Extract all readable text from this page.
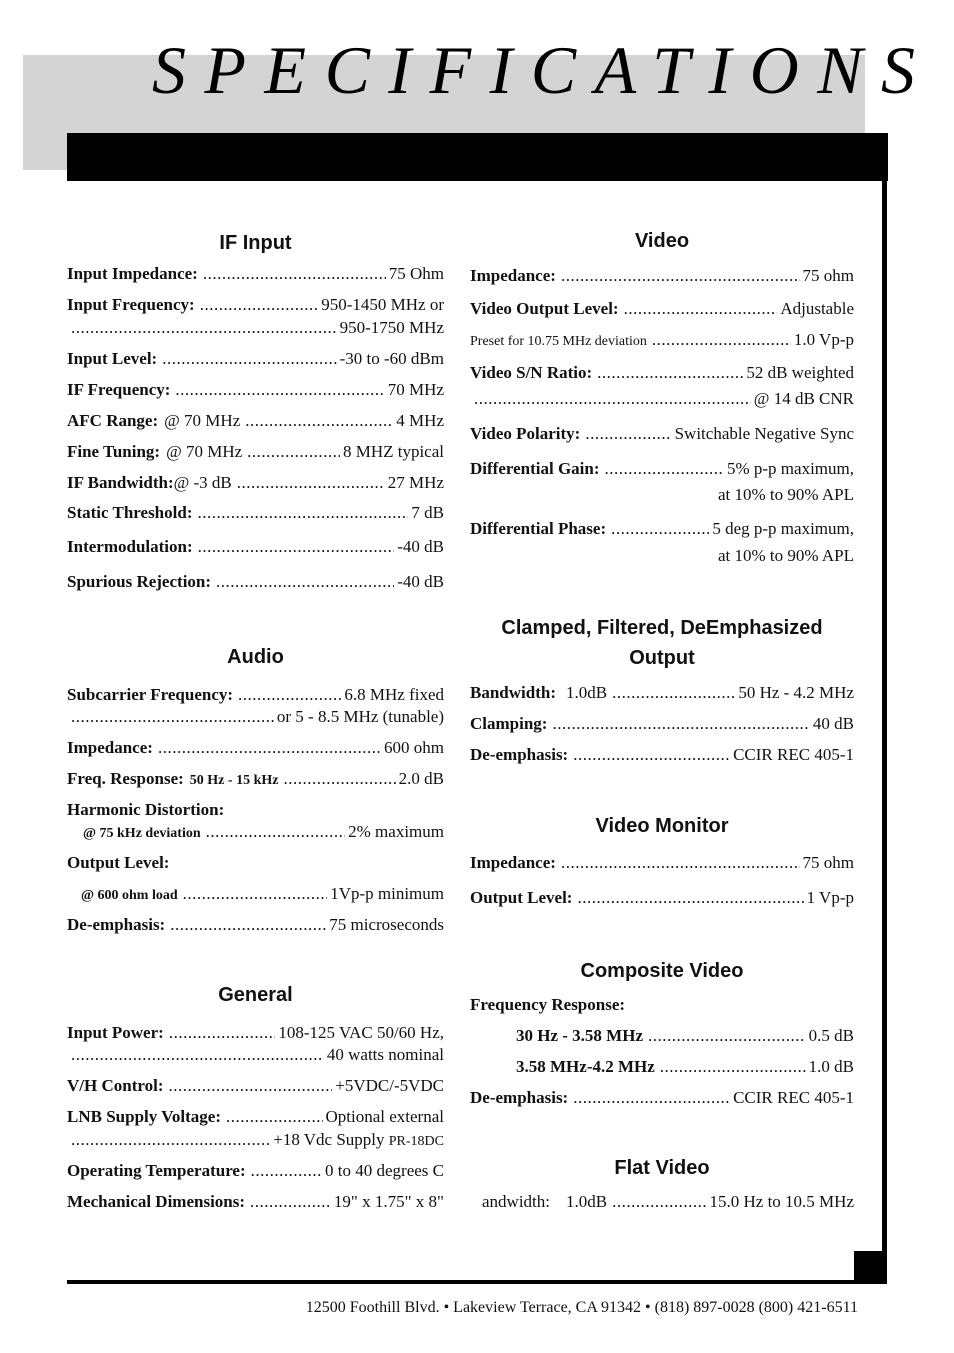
SPECIFICATIONS
IF Input
Input Impedance: .....	75 Ohm
Input Frequency: .....	950-1450 MHz or
.....
950-1750 MHz
Input Level: .....	-30 to -60 dBm
IF Frequency: .....	70 MHz
AFC Range: @ 70 MHz .....	4 MHz
Fine Tuning: @ 70 MHz .....	8 MHZ typical
IF Bandwidth: @ -3 dB .....	27 MHz
Static Threshold: .....	7 dB
Intermodulation: .....	-40 dB
Spurious Rejection: .....	-40 dB
Audio
Subcarrier Frequency: .....	6.8 MHz fixed
.....
or 5 - 8.5 MHz (tunable)
Impedance: .....	600 ohm
Freq. Response: 50 Hz - 15 kHz .....	2.0 dB
Harmonic Distortion:
@ 75 kHz deviation .....	2% maximum
Output Level:
@ 600 ohm load .....	1Vp-p minimum
De-emphasis: .....	75 microseconds
General
Input Power: .....	108-125 VAC 50/60 Hz,
.....
40 watts nominal
V/H Control: .....	+5VDC/-5VDC
LNB Supply Voltage: .....	Optional external
.....
+18 Vdc Supply PR-18DC
Operating Temperature: .....	0 to 40 degrees C
Mechanical Dimensions: .....	19" x 1.75" x 8"
Video
Impedance: .....	75 ohm
Video Output Level: .....	Adjustable
Preset for 10.75 MHz deviation .....	1.0 Vp-p
Video S/N Ratio: .....	52 dB weighted
.....
@ 14 dB CNR
Video Polarity: .....	Switchable Negative Sync
Differential Gain: .....	5% p-p maximum,
at 10% to 90% APL
Differential Phase: .....	5 deg p-p maximum,
at 10% to 90% APL
Clamped, Filtered, DeEmphasized
Output
Bandwidth: 1.0dB .....	50 Hz - 4.2 MHz
Clamping: .....	40 dB
De-emphasis: .....	CCIR REC 405-1
Video Monitor
Impedance: .....	75 ohm
Output Level: .....	1 Vp-p
Composite Video
Frequency Response:
30 Hz - 3.58 MHz .....	0.5 dB
3.58 MHz-4.2 MHz .....	1.0 dB
De-emphasis: .....	CCIR REC 405-1
Flat Video
andwidth: 1.0dB .....	15.0 Hz to 10.5 MHz
12500 Foothill Blvd. • Lakeview Terrace, CA 91342 • (818) 897-0028 (800) 421-6511
